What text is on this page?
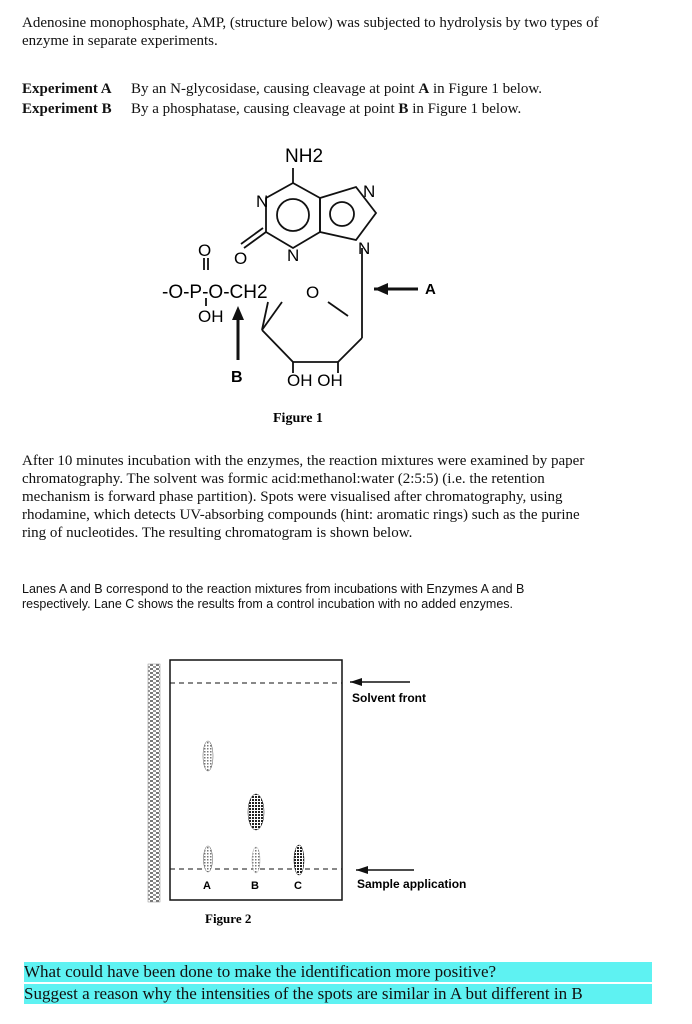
Adenosine monophosphate, AMP, (structure below) was subjected to hydrolysis by two types of enzyme in separate experiments.
Experiment A By an N-glycosidase, causing cleavage at point A in Figure 1 below.
Experiment B By a phosphatase, causing cleavage at point B in Figure 1 below.
NH2
N
N
N
N
O
O
-O-P-O-CH2
OH
O
OH OH
A
B
Figure 1
After 10 minutes incubation with the enzymes, the reaction mixtures were examined by paper chromatography. The solvent was formic acid:methanol:water (2:5:5) (i.e. the retention mechanism is forward phase partition). Spots were visualised after chromatography, using rhodamine, which detects UV-absorbing compounds (hint: aromatic rings) such as the purine ring of nucleotides. The resulting chromatogram is shown below.
Lanes A and B correspond to the reaction mixtures from incubations with Enzymes A and B respectively. Lane C shows the results from a control incubation with no added enzymes.
A	B	C
Solvent front
Sample application
Figure 2
What could have been done to make the identification more positive?
Suggest a reason why the intensities of the spots are similar in A but different in B
